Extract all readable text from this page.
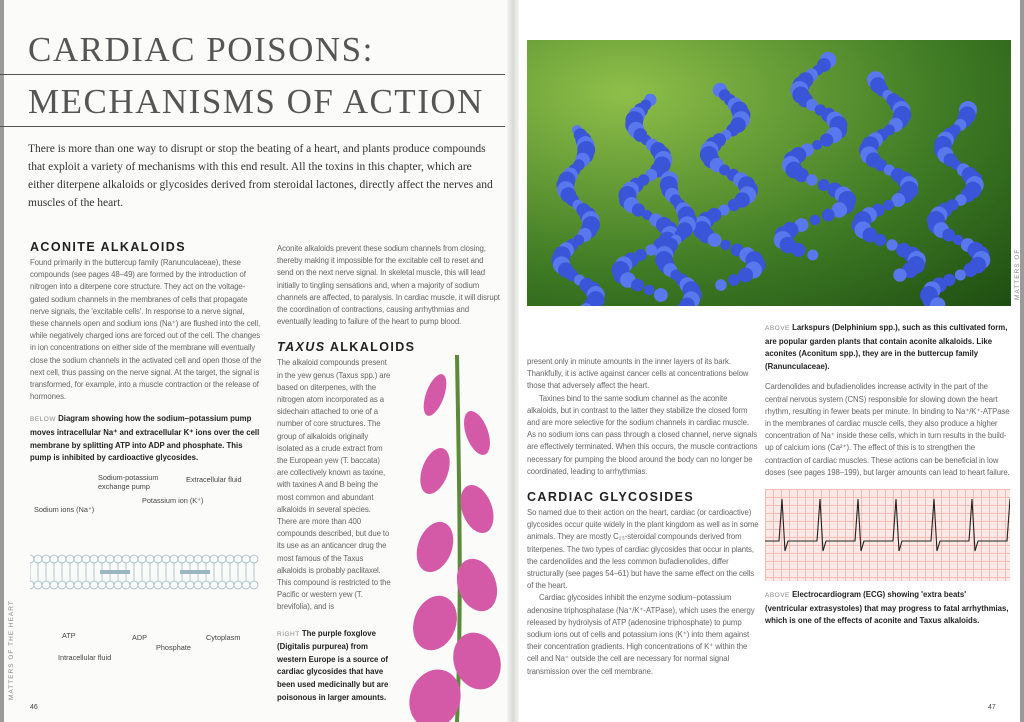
CARDIAC POISONS:
MECHANISMS OF ACTION
There is more than one way to disrupt or stop the beating of a heart, and plants produce compounds that exploit a variety of mechanisms with this end result. All the toxins in this chapter, which are either diterpene alkaloids or glycosides derived from steroidal lactones, directly affect the nerves and muscles of the heart.
ACONITE ALKALOIDS
Found primarily in the buttercup family (Ranunculaceae), these compounds (see pages 48–49) are formed by the introduction of nitrogen into a diterpene core structure. They act on the voltage-gated sodium channels in the membranes of cells that propagate nerve signals, the 'excitable cells'. In response to a nerve signal, these channels open and sodium ions (Na⁺) are flushed into the cell, while negatively charged ions are forced out of the cell. The changes in ion concentrations on either side of the membrane will eventually close the sodium channels in the activated cell and open those of the next cell, thus passing on the nerve signal. At the target, the signal is transformed, for example, into a muscle contraction or the release of hormones.
BELOW Diagram showing how the sodium–potassium pump moves intracellular Na⁺ and extracellular K⁺ ions over the cell membrane by splitting ATP into ADP and phosphate. This pump is inhibited by cardioactive glycosides.
Sodium-potassium
exchange pump
Extracellular fluid
Potassium ion (K⁺)
Sodium ions (Na⁺)
ATP	ADP
Phosphate
Cytoplasm
Intracellular fluid
Aconite alkaloids prevent these sodium channels from closing, thereby making it impossible for the excitable cell to reset and send on the next nerve signal. In skeletal muscle, this will lead initially to tingling sensations and, when a majority of sodium channels are affected, to paralysis. In cardiac muscle, it will disrupt the coordination of contractions, causing arrhythmias and eventually leading to failure of the heart to pump blood.
TAXUS ALKALOIDS
The alkaloid compounds present in the yew genus (Taxus spp.) are based on diterpenes, with the nitrogen atom incorporated as a sidechain attached to one of a number of core structures. The group of alkaloids originally isolated as a crude extract from the European yew (T. baccata) are collectively known as taxine, with taxines A and B being the most common and abundant alkaloids in several species. There are more than 400 compounds described, but due to its use as an anticancer drug the most famous of the Taxus alkaloids is probably paclitaxel. This compound is restricted to the Pacific or western yew (T. brevifolia), and is
RIGHT The purple foxglove (Digitalis purpurea) from western Europe is a source of cardiac glycosides that have been used medicinally but are poisonous in larger amounts.
MATTERS OF THE HEART
46
MATTERS OF
47

present only in minute amounts in the inner layers of its bark. Thankfully, it is active against cancer cells at concentrations below those that adversely affect the heart.

Taxines bind to the same sodium channel as the aconite alkaloids, but in contrast to the latter they stabilize the closed form and are more selective for the sodium channels in cardiac muscle. As no sodium ions can pass through a closed channel, nerve signals are effectively terminated. When this occurs, the muscle contractions necessary for pumping the blood around the body can no longer be coordinated, leading to arrhythmias.

CARDIAC GLYCOSIDES

So named due to their action on the heart, cardiac (or cardioactive) glycosides occur quite widely in the plant kingdom as well as in some animals. They are mostly C₂₃-steroidal compounds derived from triterpenes. The two types of cardiac glycosides that occur in plants, the cardenolides and the less common bufadienolides, differ structurally (see pages 54–61) but have the same effect on the cells of the heart.

Cardiac glycosides inhibit the enzyme sodium–potassium adenosine triphosphatase (Na⁺/K⁺-ATPase), which uses the energy released by hydrolysis of ATP (adenosine triphosphate) to pump sodium ions out of cells and potassium ions (K⁺) into them against their concentration gradients. High concentrations of K⁺ within the cell and Na⁺ outside the cell are necessary for normal signal transmission over the cell membrane.

ABOVE Larkspurs (Delphinium spp.), such as this cultivated form, are popular garden plants that contain aconite alkaloids. Like aconites (Aconitum spp.), they are in the buttercup family (Ranunculaceae).
Cardenolides and bufadienolides increase activity in the part of the central nervous system (CNS) responsible for slowing down the heart rhythm, resulting in fewer beats per minute. In binding to Na⁺/K⁺-ATPase in the membranes of cardiac muscle cells, they also produce a higher concentration of Na⁺ inside these cells, which in turn results in the build-up of calcium ions (Ca²⁺). The effect of this is to strengthen the contraction of cardiac muscles. These actions can be beneficial in low doses (see pages 198–199), but larger amounts can lead to heart failure.
ABOVE Electrocardiogram (ECG) showing 'extra beats' (ventricular extrasystoles) that may progress to fatal arrhythmias, which is one of the effects of aconite and Taxus alkaloids.
